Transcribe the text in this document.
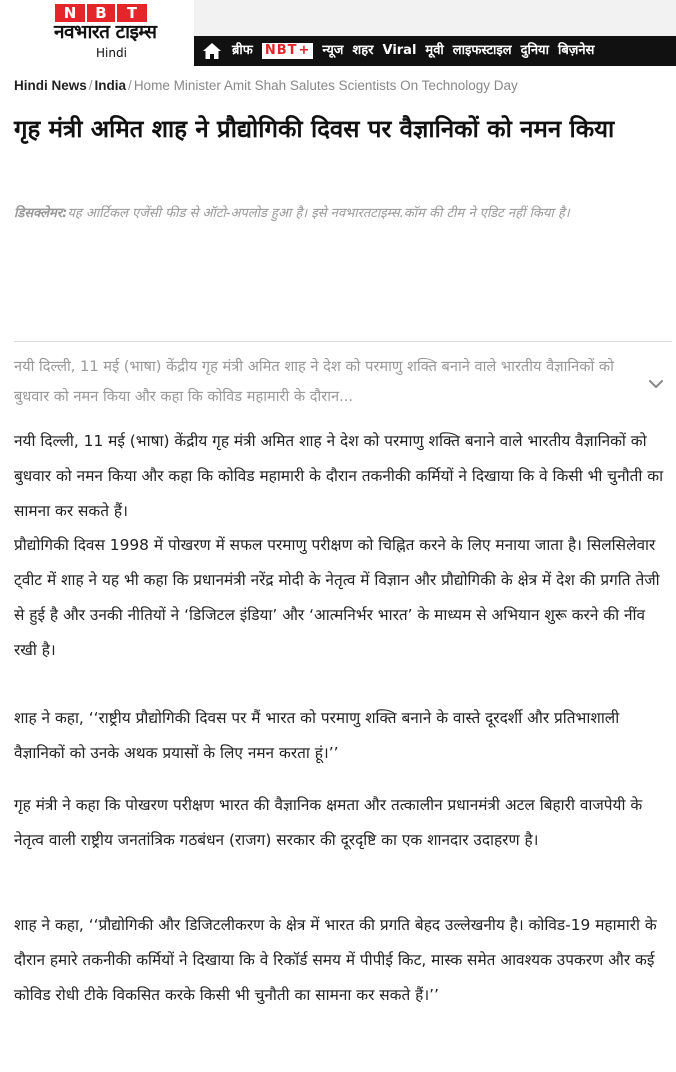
N	B	T
नवभारत टाइम्स
Hindi	ब्रीफ NBT + न्यूज शहर Viral मूवी लाइफस्टाइल दुनिया बिज़नेस
Hindi News / India / Home Minister Amit Shah Salutes Scientists On Technology Day
गृह मंत्री अमित शाह ने प्रौद्योगिकी दिवस पर वैज्ञानिकों को नमन किया
डिसक्लेमर:यह आर्टिकल एजेंसी फीड से ऑटो-अपलोड हुआ है। इसे नवभारतटाइम्स.कॉम की टीम ने एडिट नहीं किया है।
नयी दिल्ली, 11 मई (भाषा) केंद्रीय गृह मंत्री अमित शाह ने देश को परमाणु शक्ति बनाने वाले भारतीय वैज्ञानिकों को बुधवार को नमन किया और कहा कि कोविड महामारी के दौरान...

नयी दिल्ली, 11 मई (भाषा) केंद्रीय गृह मंत्री अमित शाह ने देश को परमाणु शक्ति बनाने वाले भारतीय वैज्ञानिकों को बुधवार को नमन किया और कहा कि कोविड महामारी के दौरान तकनीकी कर्मियों ने दिखाया कि वे किसी भी चुनौती का सामना कर सकते हैं।

प्रौद्योगिकी दिवस 1998 में पोखरण में सफल परमाणु परीक्षण को चिह्नित करने के लिए मनाया जाता है। सिलसिलेवार ट्वीट में शाह ने यह भी कहा कि प्रधानमंत्री नरेंद्र मोदी के नेतृत्व में विज्ञान और प्रौद्योगिकी के क्षेत्र में देश की प्रगति तेजी से हुई है और उनकी नीतियों ने ‘डिजिटल इंडिया’ और ‘आत्मनिर्भर भारत’ के माध्यम से अभियान शुरू करने की नींव रखी है।

शाह ने कहा, ‘‘राष्ट्रीय प्रौद्योगिकी दिवस पर मैं भारत को परमाणु शक्ति बनाने के वास्ते दूरदर्शी और प्रतिभाशाली वैज्ञानिकों को उनके अथक प्रयासों के लिए नमन करता हूं।’’

गृह मंत्री ने कहा कि पोखरण परीक्षण भारत की वैज्ञानिक क्षमता और तत्कालीन प्रधानमंत्री अटल बिहारी वाजपेयी के नेतृत्व वाली राष्ट्रीय जनतांत्रिक गठबंधन (राजग) सरकार की दूरदृष्टि का एक शानदार उदाहरण है।

शाह ने कहा, ‘‘प्रौद्योगिकी और डिजिटलीकरण के क्षेत्र में भारत की प्रगति बेहद उल्लेखनीय है। कोविड-19 महामारी के दौरान हमारे तकनीकी कर्मियों ने दिखाया कि वे रिकॉर्ड समय में पीपीई किट, मास्क समेत आवश्यक उपकरण और कई कोविड रोधी टीके विकसित करके किसी भी चुनौती का सामना कर सकते हैं।’’
